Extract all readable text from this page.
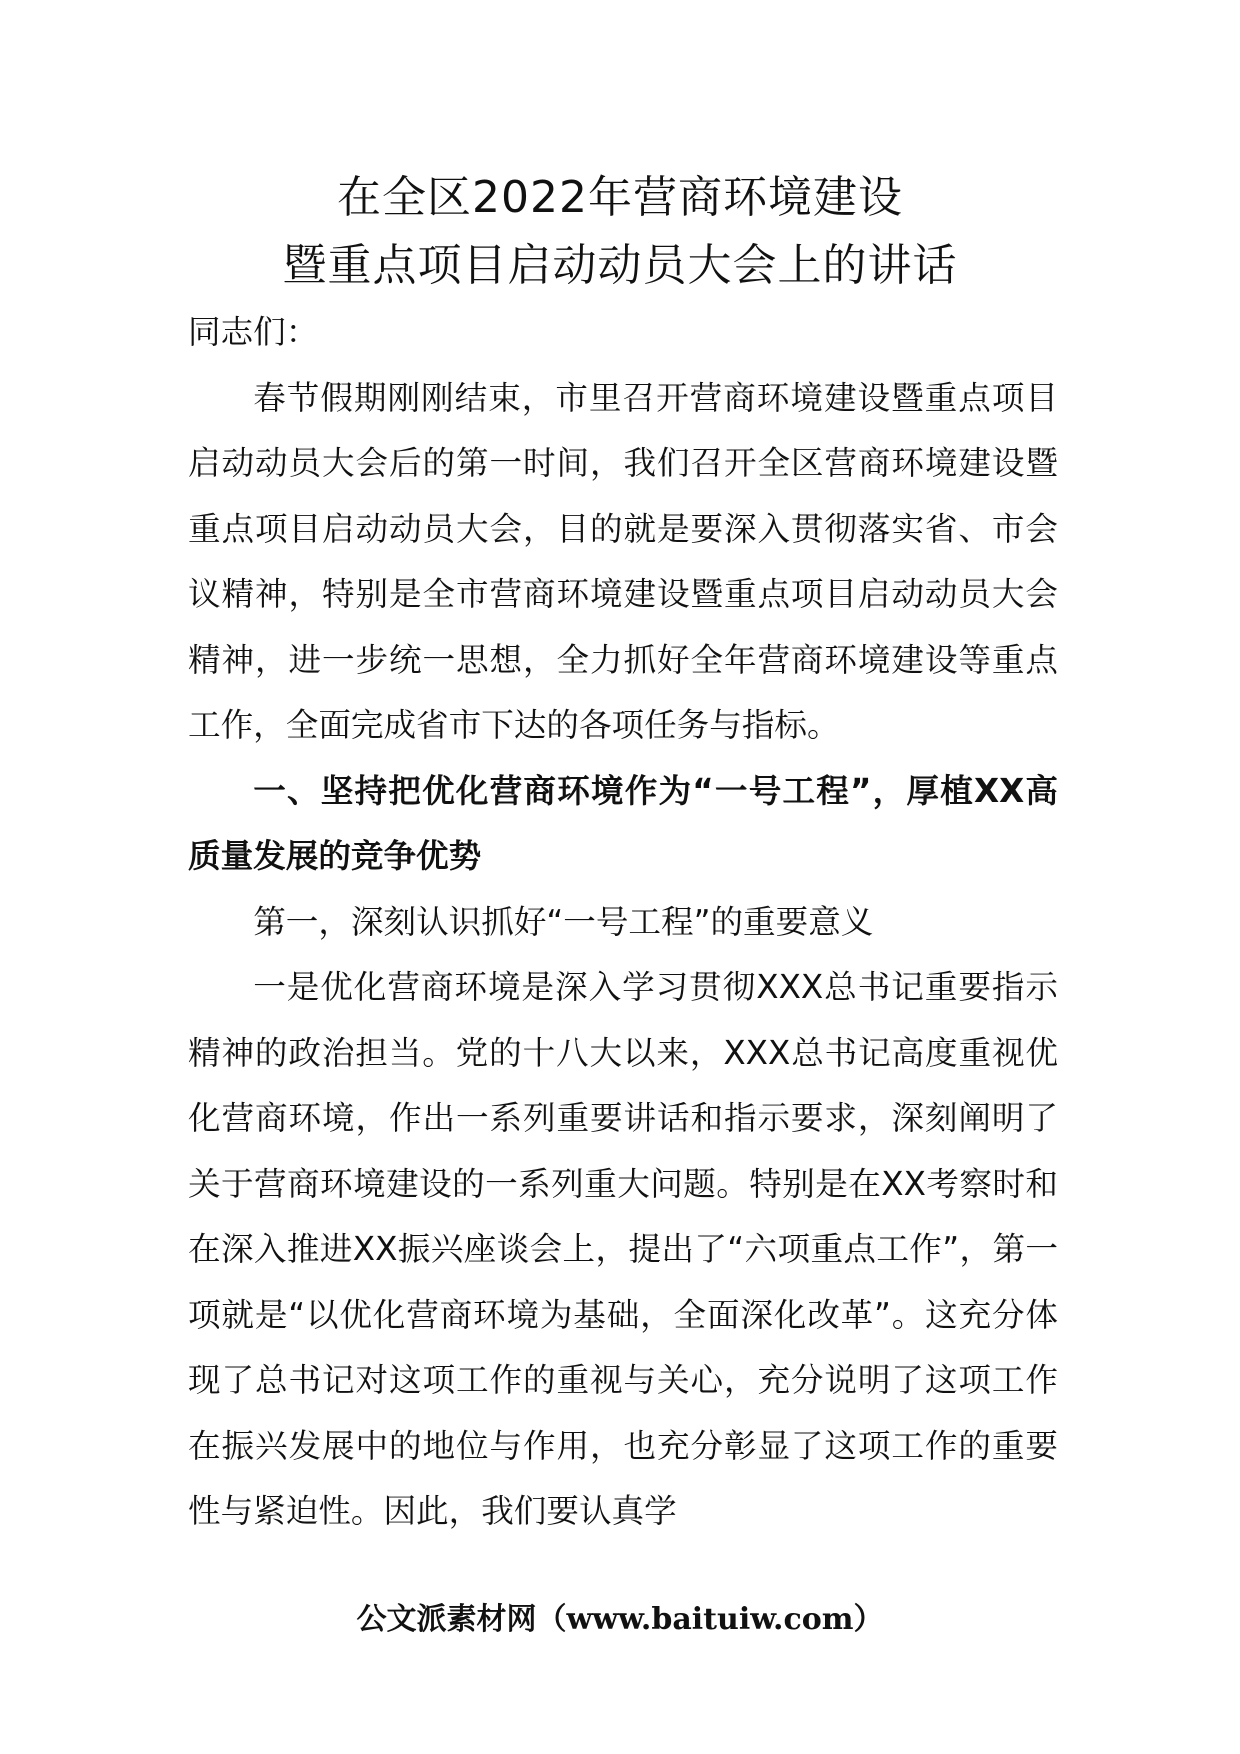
在全区2022年营商环境建设
暨重点项目启动动员大会上的讲话

同志们：

春节假期刚刚结束，市里召开营商环境建设暨重点项目启动动员大会后的第一时间，我们召开全区营商环境建设暨重点项目启动动员大会，目的就是要深入贯彻落实省、市会议精神，特别是全市营商环境建设暨重点项目启动动员大会精神，进一步统一思想，全力抓好全年营商环境建设等重点工作，全面完成省市下达的各项任务与指标。

一、坚持把优化营商环境作为“一号工程”，厚植XX高质量发展的竞争优势

第一，深刻认识抓好“一号工程”的重要意义

一是优化营商环境是深入学习贯彻XXX总书记重要指示精神的政治担当。党的十八大以来，XXX总书记高度重视优化营商环境，作出一系列重要讲话和指示要求，深刻阐明了关于营商环境建设的一系列重大问题。特别是在XX考察时和在深入推进XX振兴座谈会上，提出了“六项重点工作”，第一项就是“以优化营商环境为基础，全面深化改革”。这充分体现了总书记对这项工作的重视与关心，充分说明了这项工作在振兴发展中的地位与作用，也充分彰显了这项工作的重要性与紧迫性。因此，我们要认真学

公文派素材网（www.baituiw.com）
